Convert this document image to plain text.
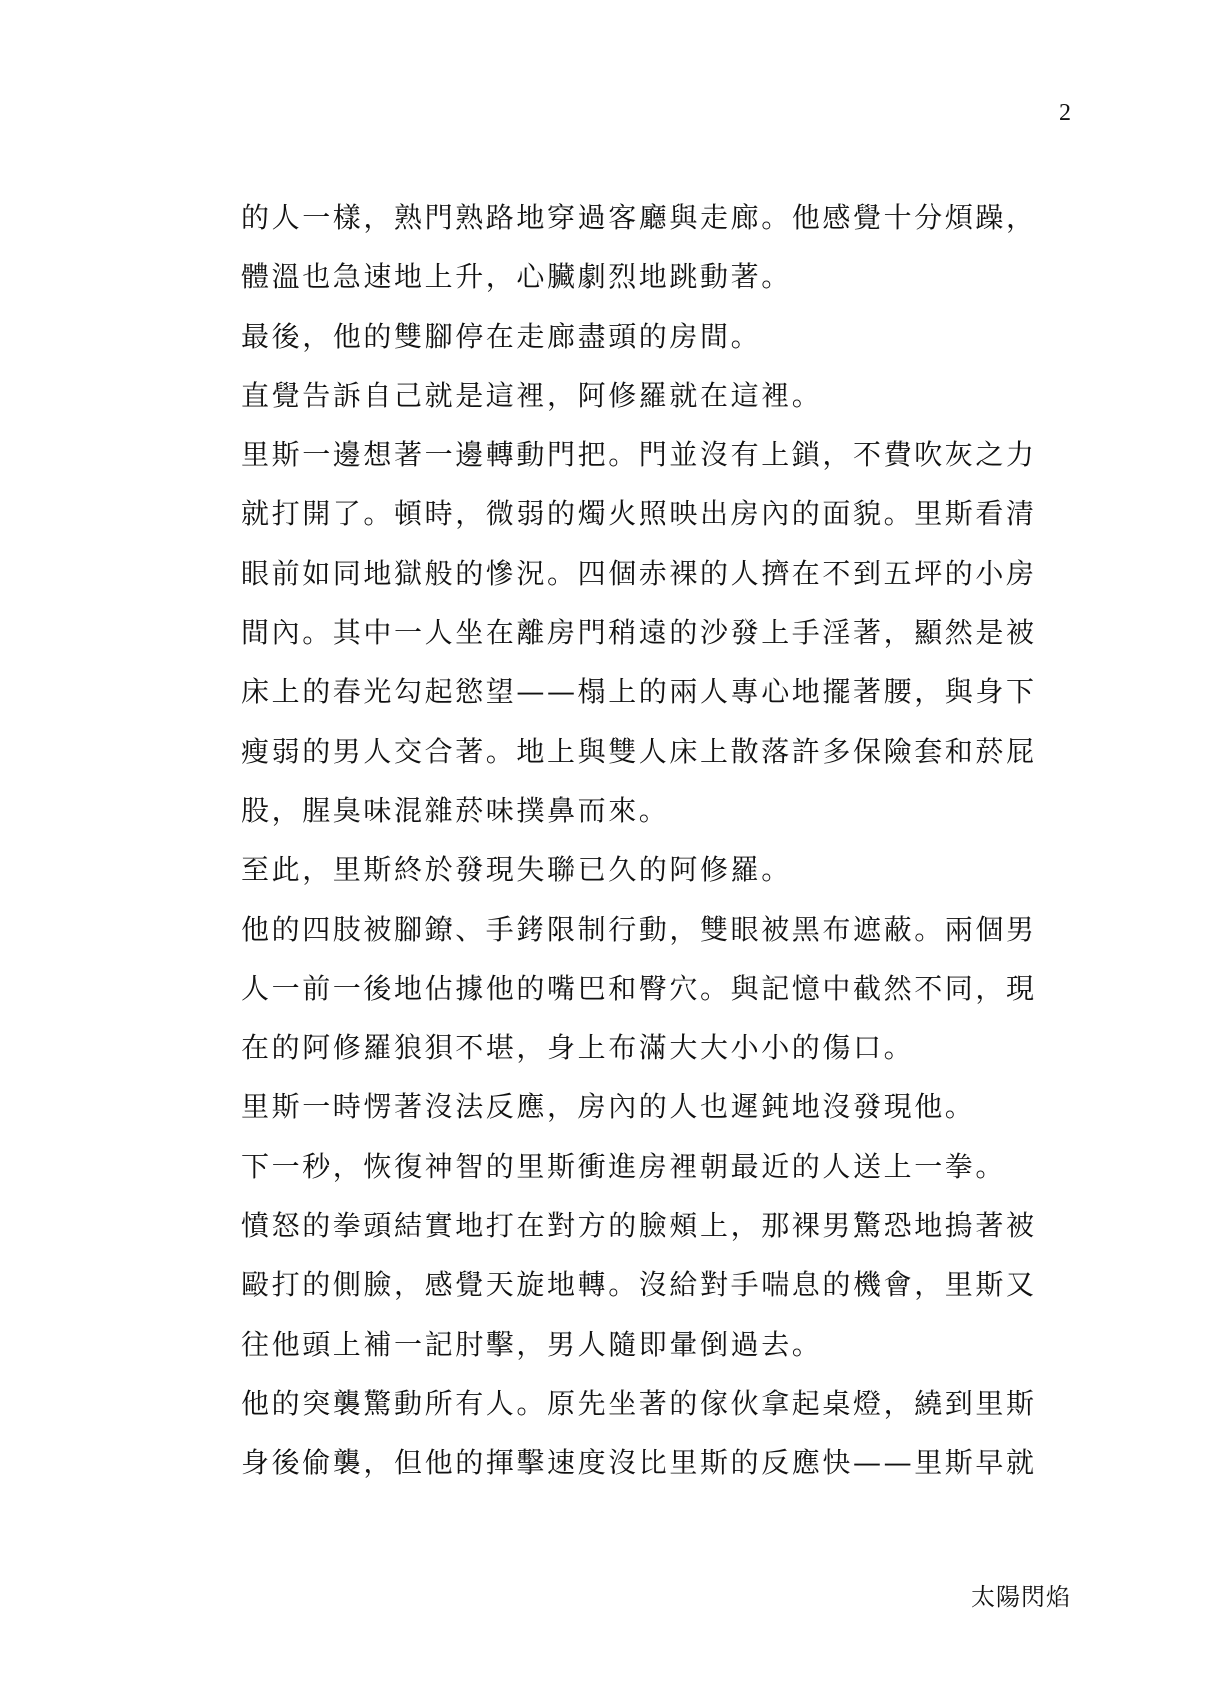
2

的人一樣，熟門熟路地穿過客廳與走廊。他感覺十分煩躁，

體溫也急速地上升，心臟劇烈地跳動著。

最後，他的雙腳停在走廊盡頭的房間。

直覺告訴自己就是這裡，阿修羅就在這裡。

里斯一邊想著一邊轉動門把。門並沒有上鎖，不費吹灰之力

就打開了。頓時，微弱的燭火照映出房內的面貌。里斯看清

眼前如同地獄般的慘況。四個赤裸的人擠在不到五坪的小房

間內。其中一人坐在離房門稍遠的沙發上手淫著，顯然是被

床上的春光勾起慾望——榻上的兩人專心地擺著腰，與身下

瘦弱的男人交合著。地上與雙人床上散落許多保險套和菸屁

股，腥臭味混雜菸味撲鼻而來。

至此，里斯終於發現失聯已久的阿修羅。

他的四肢被腳鐐、手銬限制行動，雙眼被黑布遮蔽。兩個男

人一前一後地佔據他的嘴巴和臀穴。與記憶中截然不同，現

在的阿修羅狼狽不堪，身上布滿大大小小的傷口。

里斯一時愣著沒法反應，房內的人也遲鈍地沒發現他。

下一秒，恢復神智的里斯衝進房裡朝最近的人送上一拳。

憤怒的拳頭結實地打在對方的臉頰上，那裸男驚恐地摀著被

毆打的側臉，感覺天旋地轉。沒給對手喘息的機會，里斯又

往他頭上補一記肘擊，男人隨即暈倒過去。

他的突襲驚動所有人。原先坐著的傢伙拿起桌燈，繞到里斯

身後偷襲，但他的揮擊速度沒比里斯的反應快——里斯早就

太陽閃焰
